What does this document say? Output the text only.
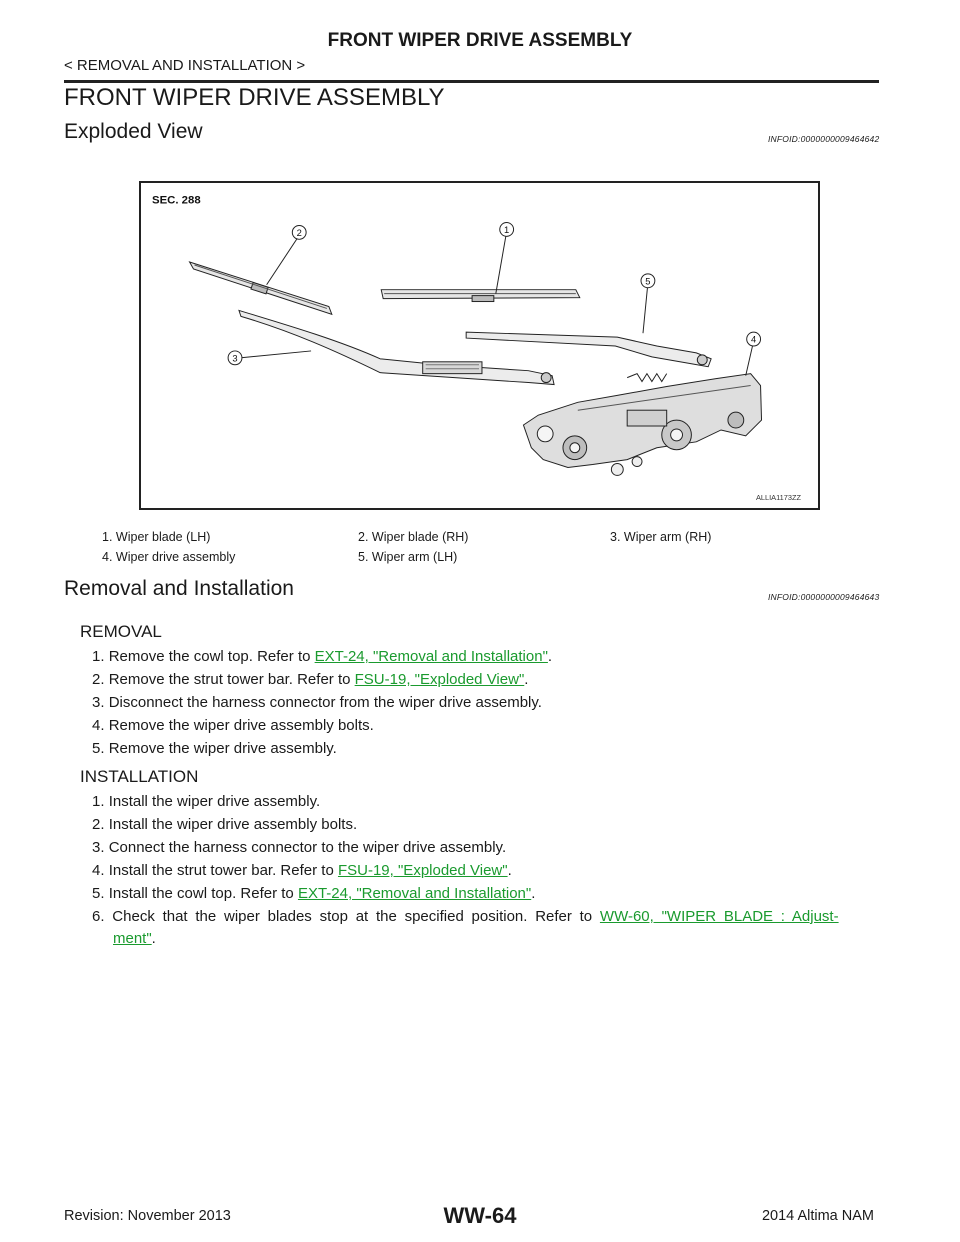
FRONT WIPER DRIVE ASSEMBLY
< REMOVAL AND INSTALLATION >
FRONT WIPER DRIVE ASSEMBLY
Exploded View	INFOID:0000000009464642
SEC. 288
1
2
3
4
5
ALLIA1173ZZ
1. Wiper blade (LH)	2. Wiper blade (RH)	3. Wiper arm (RH)
4. Wiper drive assembly	5. Wiper arm (LH)
Removal and Installation	INFOID:0000000009464643
REMOVAL
1. Remove the cowl top. Refer to EXT-24, "Removal and Installation".
2. Remove the strut tower bar. Refer to FSU-19, "Exploded View".
3. Disconnect the harness connector from the wiper drive assembly.
4. Remove the wiper drive assembly bolts.
5. Remove the wiper drive assembly.
INSTALLATION
1. Install the wiper drive assembly.
2. Install the wiper drive assembly bolts.
3. Connect the harness connector to the wiper drive assembly.
4. Install the strut tower bar. Refer to FSU-19, "Exploded View".
5. Install the cowl top. Refer to EXT-24, "Removal and Installation".
6. Check that the wiper blades stop at the specified position. Refer to WW-60, "WIPER BLADE : Adjust-
ment".
Revision: November 2013	WW-64	2014 Altima NAM
